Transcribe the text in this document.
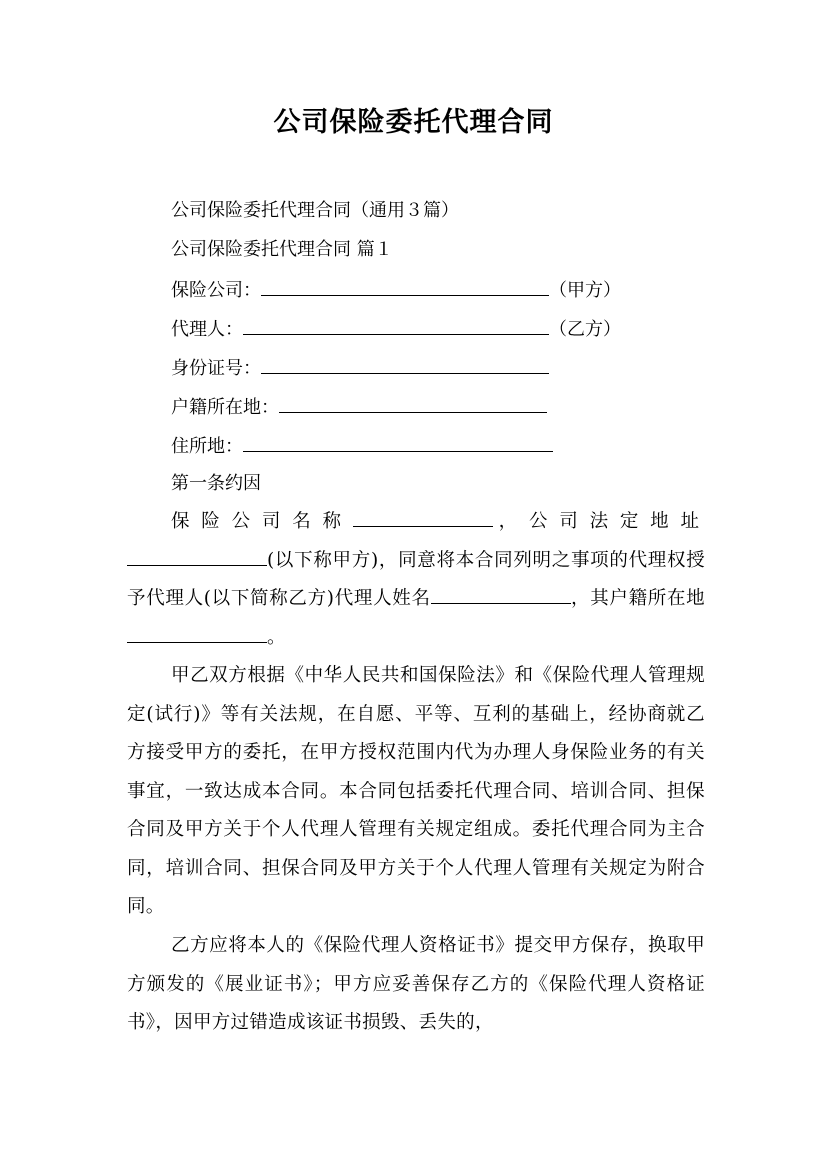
公司保险委托代理合同
公司保险委托代理合同（通用３篇）
公司保险委托代理合同 篇１
保险公司：	（甲方）
代理人：	（乙方）
身份证号：
户籍所在地：
住所地：
第一条约因
保险公司名称	，公司法定地址(以下称甲方)，同意将本合同列明之事项的代理权授予代理人(以下简称乙方)代理人姓名	，其户籍所在地。
甲乙双方根据《中华人民共和国保险法》和《保险代理人管理规定(试行)》等有关法规，在自愿、平等、互利的基础上，经协商就乙方接受甲方的委托，在甲方授权范围内代为办理人身保险业务的有关事宜，一致达成本合同。本合同包括委托代理合同、培训合同、担保合同及甲方关于个人代理人管理有关规定组成。委托代理合同为主合同，培训合同、担保合同及甲方关于个人代理人管理有关规定为附合同。
乙方应将本人的《保险代理人资格证书》提交甲方保存，换取甲方颁发的《展业证书》；甲方应妥善保存乙方的《保险代理人资格证书》，因甲方过错造成该证书损毁、丢失的，
